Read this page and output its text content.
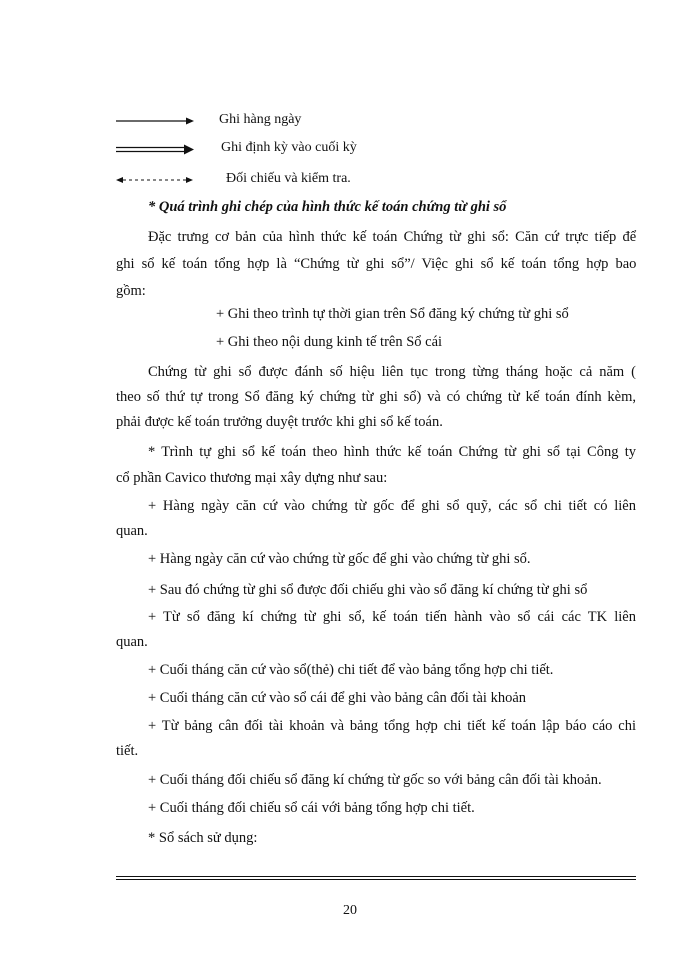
Ghi hàng ngày
Ghi định kỳ vào cuối kỳ
Đối chiếu và kiểm tra.
* Quá trình ghi chép của hình thức kế toán chứng từ ghi sổ
Đặc trưng cơ bản của hình thức kế toán Chứng từ ghi sổ: Căn cứ trực tiếp để
ghi sổ kế toán tổng hợp là “Chứng từ ghi sổ”/ Việc ghi sổ kế toán tổng hợp bao
gồm:
+ Ghi theo trình tự thời gian trên Sổ đăng ký chứng từ ghi sổ
+ Ghi theo nội dung kinh tế trên Sổ cái
Chứng từ ghi sổ được đánh số hiệu liên tục trong từng tháng hoặc cả năm (
theo số thứ tự trong Sổ đăng ký chứng từ ghi sổ) và có chứng từ kế toán đính kèm,
phải được kế toán trưởng duyệt trước khi ghi sổ kế toán.
* Trình tự ghi sổ kế toán theo hình thức kế toán Chứng từ ghi sổ tại Công ty
cổ phần Cavico thương mại xây dựng như sau:
+ Hàng ngày căn cứ vào chứng từ gốc để ghi sổ quỹ, các sổ chi tiết có liên
quan.
+ Hàng ngày căn cứ vào chứng từ gốc để ghi vào chứng từ ghi sổ.
+ Sau đó chứng từ ghi sổ được đối chiếu ghi vào sổ đăng kí chứng từ ghi sổ
+ Từ sổ đăng kí chứng từ ghi sổ, kế toán tiến hành vào sổ cái các TK liên
quan.
+ Cuối tháng căn cứ vào sổ(thẻ) chi tiết để vào bảng tổng hợp chi tiết.
+ Cuối tháng căn cứ vào sổ cái để ghi vào bảng cân đối tài khoản
+ Từ bảng cân đối tài khoản và bảng tổng hợp chi tiết kế toán lập báo cáo chi
tiết.
+ Cuối tháng đối chiếu sổ đăng kí chứng từ gốc so với bảng cân đối tài khoản.
+ Cuối tháng đối chiếu sổ cái với bảng tổng hợp chi tiết.
* Sổ sách sử dụng:
20
